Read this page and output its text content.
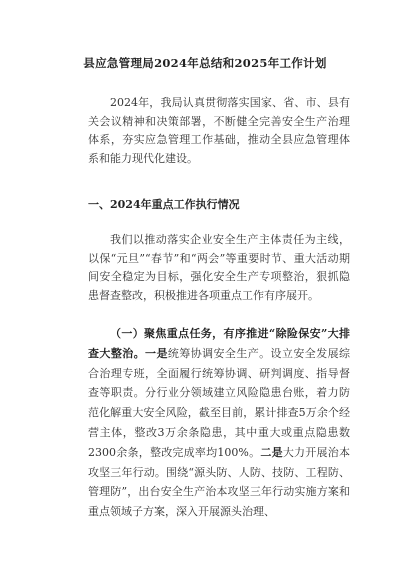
县应急管理局2024年总结和2025年工作计划
2024年，我局认真贯彻落实国家、省、市、县有关会议精神和决策部署，不断健全完善安全生产治理体系，夯实应急管理工作基础，推动全县应急管理体系和能力现代化建设。
一、2024年重点工作执行情况
我们以推动落实企业安全生产主体责任为主线，以保“元旦”“春节”和“两会”等重要时节、重大活动期间安全稳定为目标，强化安全生产专项整治，狠抓隐患督查整改，积极推进各项重点工作有序展开。
（一）聚焦重点任务，有序推进“除险保安”大排查大整治。一是统筹协调安全生产。设立安全发展综合治理专班，全面履行统筹协调、研判调度、指导督查等职责。分行业分领域建立风险隐患台账，着力防范化解重大安全风险，截至目前，累计排查5万余个经营主体，整改3万余条隐患，其中重大或重点隐患数2300余条，整改完成率均100%。二是大力开展治本攻坚三年行动。围绕“源头防、人防、技防、工程防、管理防”，出台安全生产治本攻坚三年行动实施方案和重点领域子方案，深入开展源头治理、
